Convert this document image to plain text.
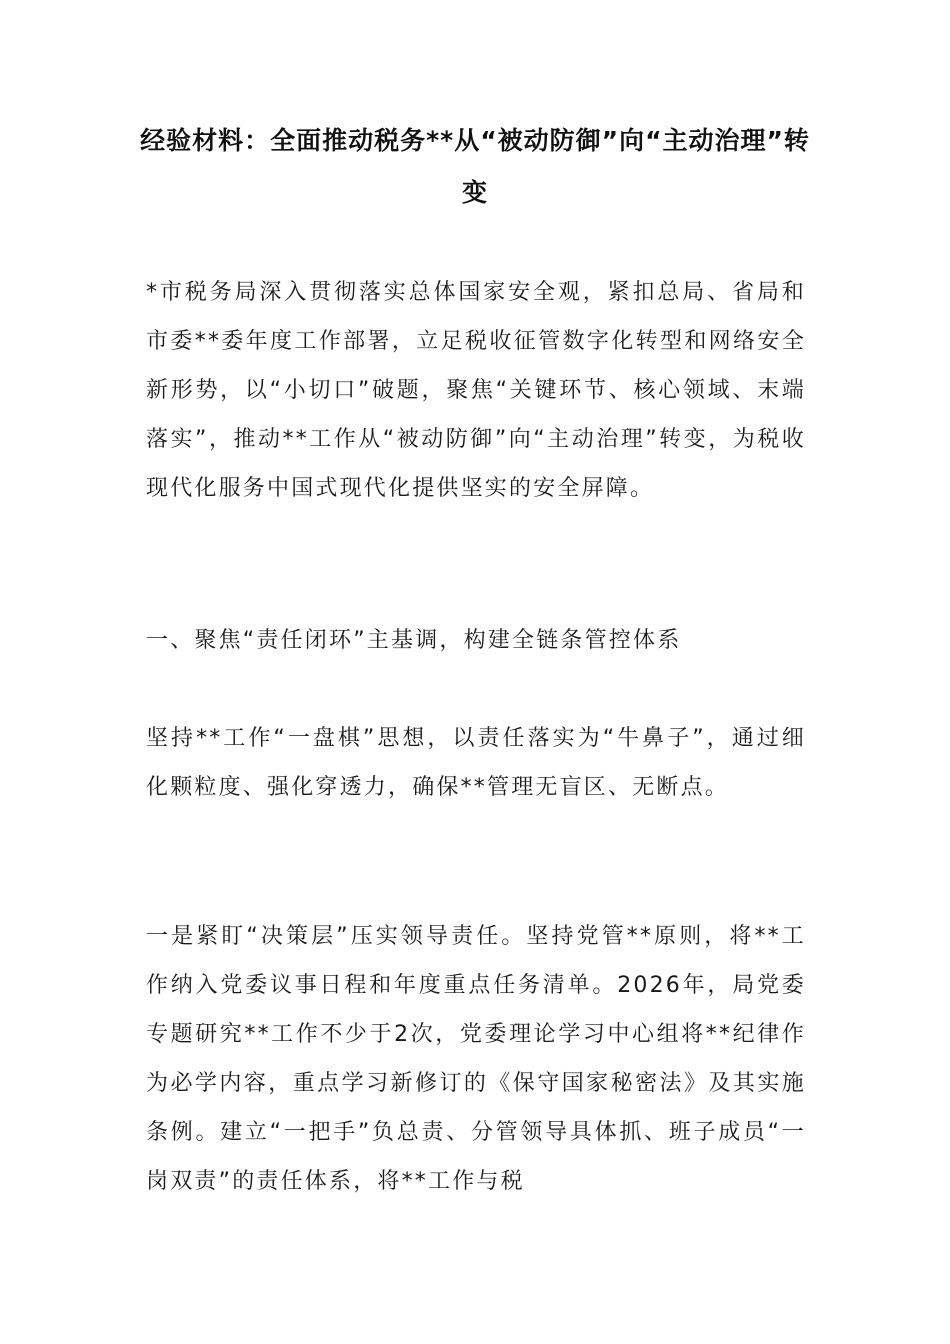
经验材料：全面推动税务**从“被动防御”向“主动治理”转变

*市税务局深入贯彻落实总体国家安全观，紧扣总局、省局和市委**委年度工作部署，立足税收征管数字化转型和网络安全新形势，以“小切口”破题，聚焦“关键环节、核心领域、末端落实”，推动**工作从“被动防御”向“主动治理”转变，为税收现代化服务中国式现代化提供坚实的安全屏障。

一、聚焦“责任闭环”主基调，构建全链条管控体系

坚持**工作“一盘棋”思想，以责任落实为“牛鼻子”，通过细化颗粒度、强化穿透力，确保**管理无盲区、无断点。

一是紧盯“决策层”压实领导责任。坚持党管**原则，将**工作纳入党委议事日程和年度重点任务清单。2026年，局党委专题研究**工作不少于2次，党委理论学习中心组将**纪律作为必学内容，重点学习新修订的《保守国家秘密法》及其实施条例。建立“一把手”负总责、分管领导具体抓、班子成员“一岗双责”的责任体系，将**工作与税
